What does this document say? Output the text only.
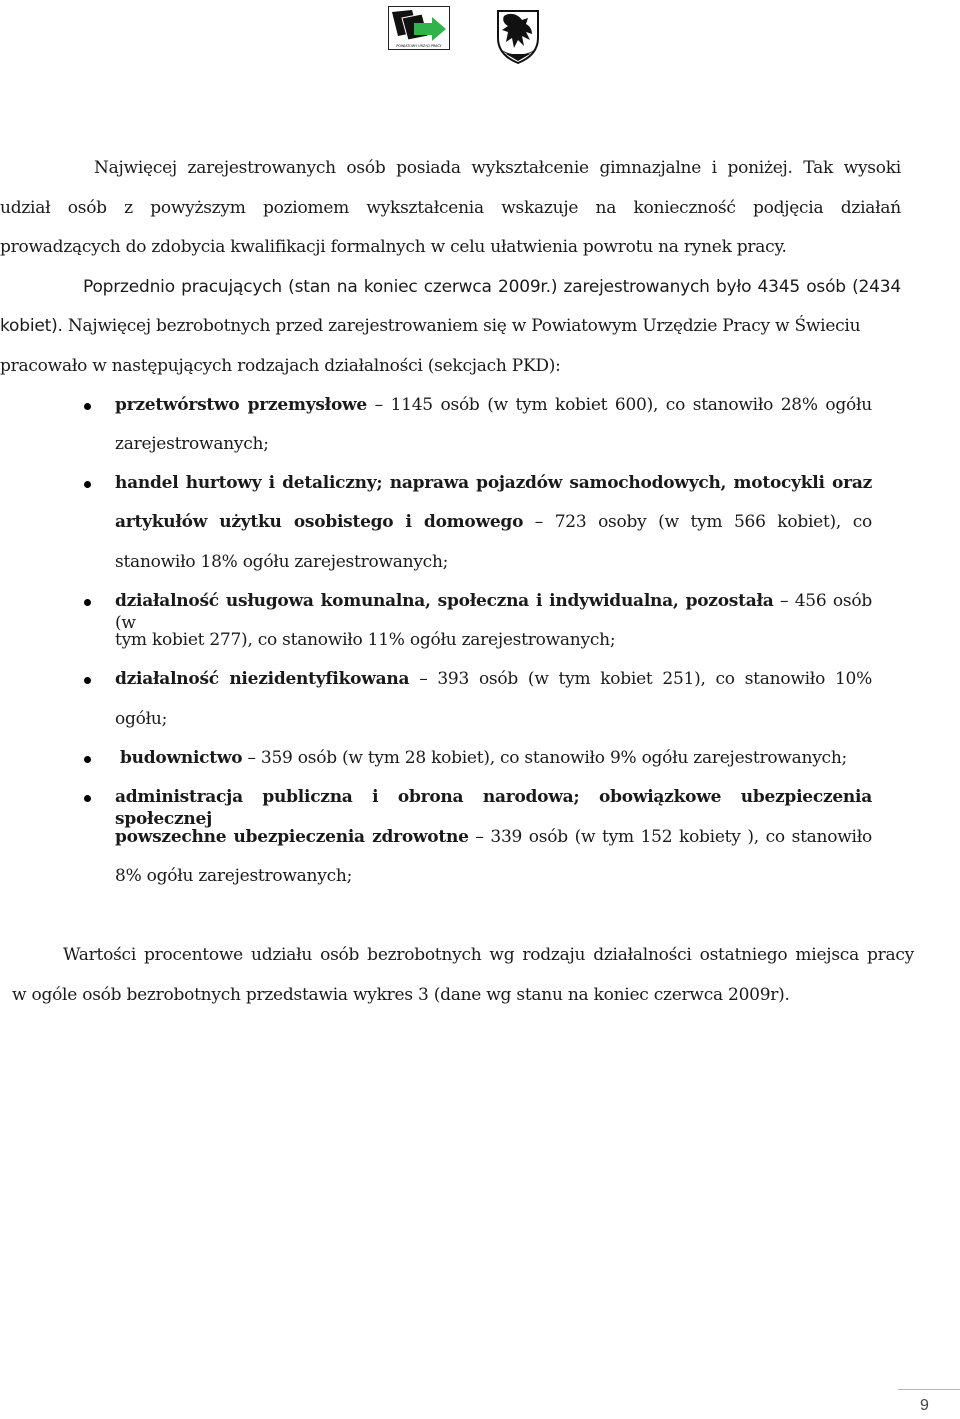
POWIATOWY URZĄD PRACY
Najwięcej zarejestrowanych osób posiada wykształcenie gimnazjalne i poniżej. Tak wysoki
udział osób z powyższym poziomem wykształcenia wskazuje na konieczność podjęcia działań
prowadzących do zdobycia kwalifikacji formalnych w celu ułatwienia powrotu na rynek pracy.
Poprzednio pracujących (stan na koniec czerwca 2009r.) zarejestrowanych było 4345 osób (2434
kobiet). Najwięcej bezrobotnych przed zarejestrowaniem się w Powiatowym Urzędzie Pracy w Świeciu
pracowało w następujących rodzajach działalności (sekcjach PKD):
przetwórstwo przemysłowe – 1145 osób (w tym kobiet 600), co stanowiło 28% ogółu
zarejestrowanych;
handel hurtowy i detaliczny; naprawa pojazdów samochodowych, motocykli oraz
artykułów użytku osobistego i domowego – 723 osoby (w tym 566 kobiet), co
stanowiło 18% ogółu zarejestrowanych;
działalność usługowa komunalna, społeczna i indywidualna, pozostała – 456 osób (w
tym kobiet 277), co stanowiło 11% ogółu zarejestrowanych;
działalność niezidentyfikowana – 393 osób (w tym kobiet 251), co stanowiło 10%
ogółu;
budownictwo – 359 osób (w tym 28 kobiet), co stanowiło 9% ogółu zarejestrowanych;
administracja publiczna i obrona narodowa; obowiązkowe ubezpieczenia społecznej
powszechne ubezpieczenia zdrowotne – 339 osób (w tym 152 kobiety ), co stanowiło
8% ogółu zarejestrowanych;
Wartości procentowe udziału osób bezrobotnych wg rodzaju działalności ostatniego miejsca pracy
w ogóle osób bezrobotnych przedstawia wykres 3 (dane wg stanu na koniec czerwca 2009r).
9
